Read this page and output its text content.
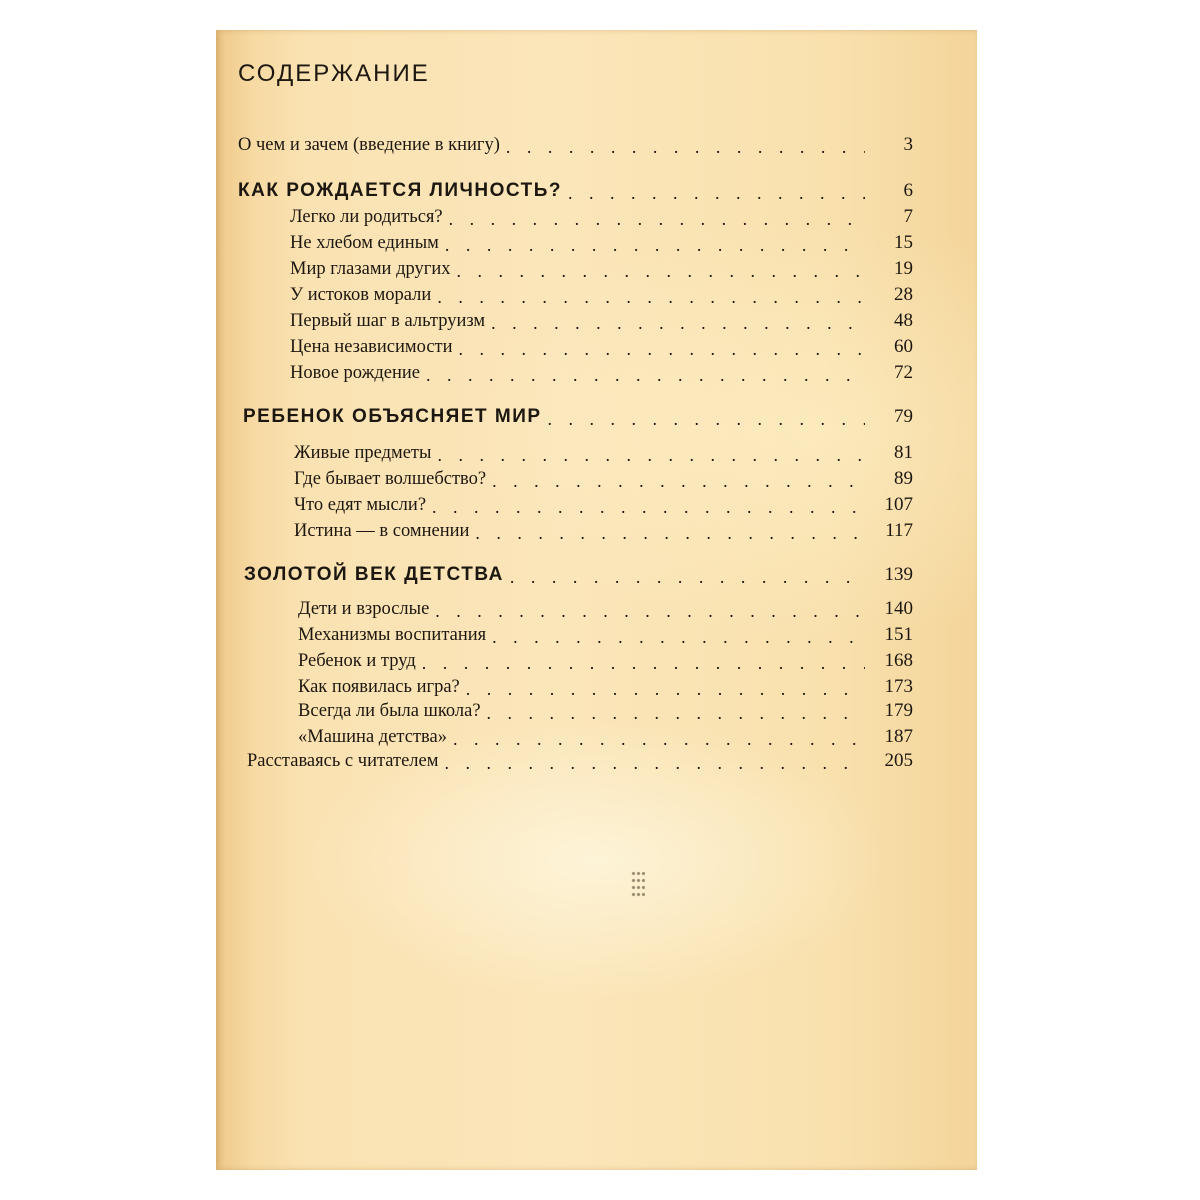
СОДЕРЖАНИЕ
О чем и зачем (введение в книгу) . . .	3
КАК РОЖДАЕТСЯ ЛИЧНОСТЬ? . . .	6
Легко ли родиться? . . .	7
Не хлебом единым . . .	15
Мир глазами других . . .	19
У истоков морали . . .	28
Первый шаг в альтруизм . . .	48
Цена независимости . . .	60
Новое рождение . . .	72
РЕБЕНОК ОБЪЯСНЯЕТ МИР . . .	79
Живые предметы . . .	81
Где бывает волшебство? . . .	89
Что едят мысли? . . .	107
Истина — в сомнении . . .	117
ЗОЛОТОЙ ВЕК ДЕТСТВА . . .	139
Дети и взрослые . . .	140
Механизмы воспитания . . .	151
Ребенок и труд . . .	168
Как появилась игра? . . .	173
Всегда ли была школа? . . .	179
«Машина детства» . . .	187
Расставаясь с читателем . . .	205
